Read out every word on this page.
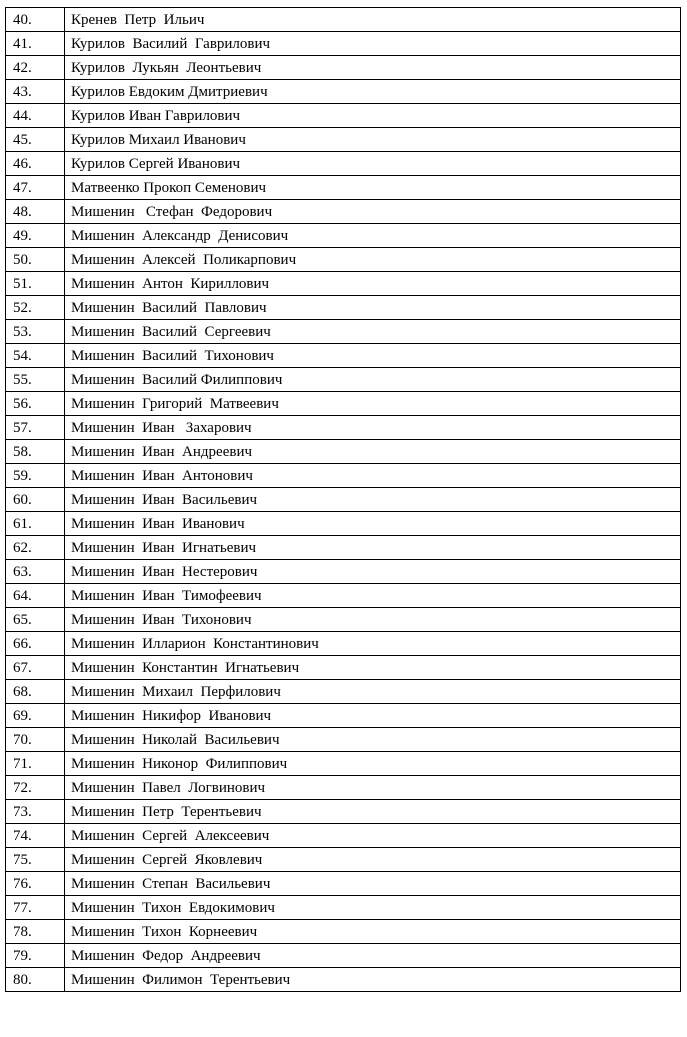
40.	Кренев  Петр  Ильич
41.	Курилов  Василий  Гаврилович
42.	Курилов  Лукьян  Леонтьевич
43.	Курилов Евдоким Дмитриевич
44.	Курилов Иван Гаврилович
45.	Курилов Михаил Иванович
46.	Курилов Сергей Иванович
47.	Матвеенко Прокоп Семенович
48.	Мишенин   Стефан  Федорович
49.	Мишенин  Александр  Денисович
50.	Мишенин  Алексей  Поликарпович
51.	Мишенин  Антон  Кириллович
52.	Мишенин  Василий  Павлович
53.	Мишенин  Василий  Сергеевич
54.	Мишенин  Василий  Тихонович
55.	Мишенин  Василий Филиппович
56.	Мишенин  Григорий  Матвеевич
57.	Мишенин  Иван   Захарович
58.	Мишенин  Иван  Андреевич
59.	Мишенин  Иван  Антонович
60.	Мишенин  Иван  Васильевич
61.	Мишенин  Иван  Иванович
62.	Мишенин  Иван  Игнатьевич
63.	Мишенин  Иван  Нестерович
64.	Мишенин  Иван  Тимофеевич
65.	Мишенин  Иван  Тихонович
66.	Мишенин  Илларион  Константинович
67.	Мишенин  Константин  Игнатьевич
68.	Мишенин  Михаил  Перфилович
69.	Мишенин  Никифор  Иванович
70.	Мишенин  Николай  Васильевич
71.	Мишенин  Никонор  Филиппович
72.	Мишенин  Павел  Логвинович
73.	Мишенин  Петр  Терентьевич
74.	Мишенин  Сергей  Алексеевич
75.	Мишенин  Сергей  Яковлевич
76.	Мишенин  Степан  Васильевич
77.	Мишенин  Тихон  Евдокимович
78.	Мишенин  Тихон  Корнеевич
79.	Мишенин  Федор  Андреевич
80.	Мишенин  Филимон  Терентьевич
